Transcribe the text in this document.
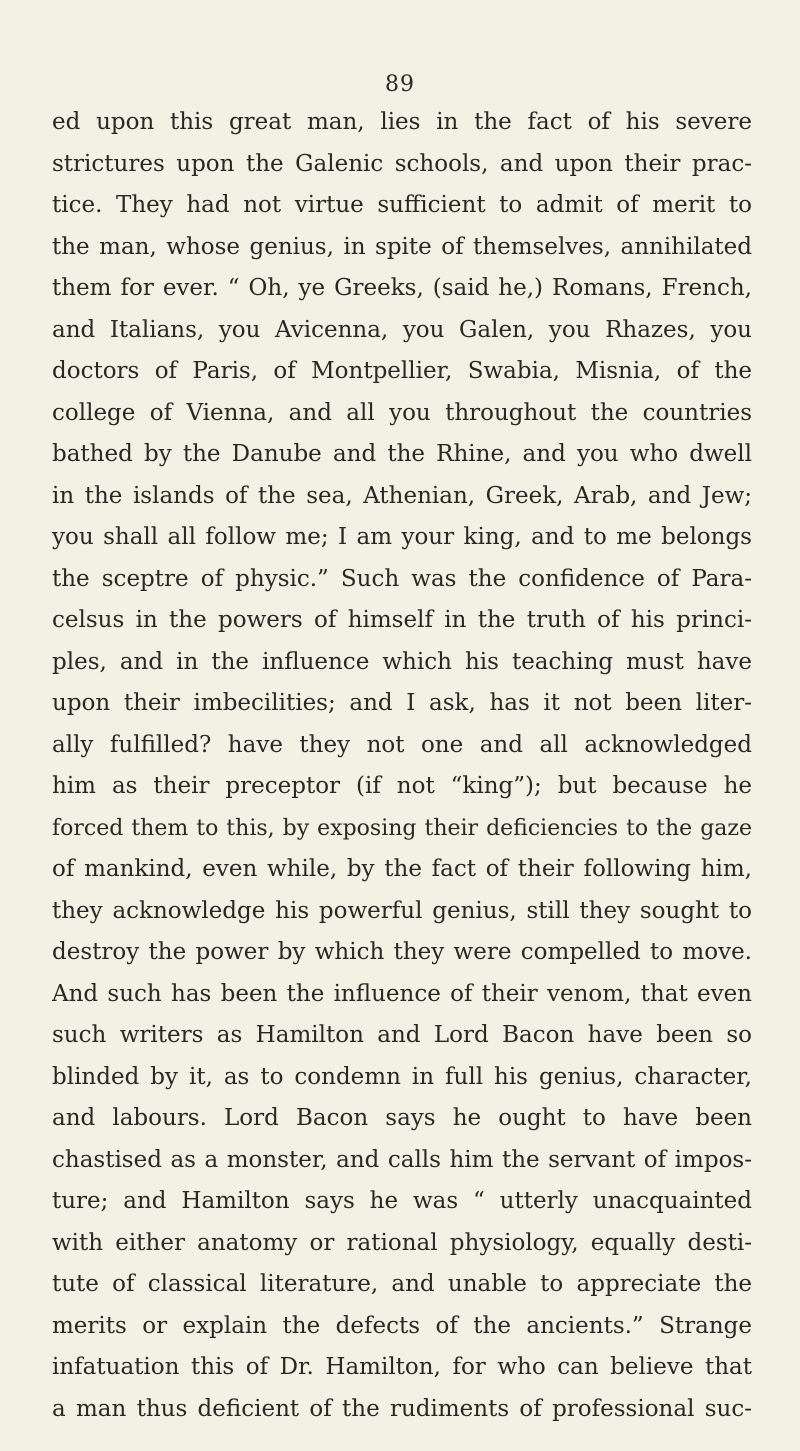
89
ed upon this great man, lies in the fact of his severe
strictures upon the Galenic schools, and upon their prac-
tice. They had not virtue sufficient to admit of merit to
the man, whose genius, in spite of themselves, annihilated
them for ever. “ Oh, ye Greeks, (said he,) Romans, French,
and Italians, you Avicenna, you Galen, you Rhazes, you
doctors of Paris, of Montpellier, Swabia, Misnia, of the
college of Vienna, and all you throughout the countries
bathed by the Danube and the Rhine, and you who dwell
in the islands of the sea, Athenian, Greek, Arab, and Jew;
you shall all follow me; I am your king, and to me belongs
the sceptre of physic.” Such was the confidence of Para-
celsus in the powers of himself in the truth of his princi-
ples, and in the influence which his teaching must have
upon their imbecilities; and I ask, has it not been liter-
ally fulfilled? have they not one and all acknowledged
him as their preceptor (if not “king”); but because he
forced them to this, by exposing their deficiencies to the gaze
of mankind, even while, by the fact of their following him,
they acknowledge his powerful genius, still they sought to
destroy the power by which they were compelled to move.
And such has been the influence of their venom, that even
such writers as Hamilton and Lord Bacon have been so
blinded by it, as to condemn in full his genius, character,
and labours. Lord Bacon says he ought to have been
chastised as a monster, and calls him the servant of impos-
ture; and Hamilton says he was “ utterly unacquainted
with either anatomy or rational physiology, equally desti-
tute of classical literature, and unable to appreciate the
merits or explain the defects of the ancients.” Strange
infatuation this of Dr. Hamilton, for who can believe that
a man thus deficient of the rudiments of professional suc-
